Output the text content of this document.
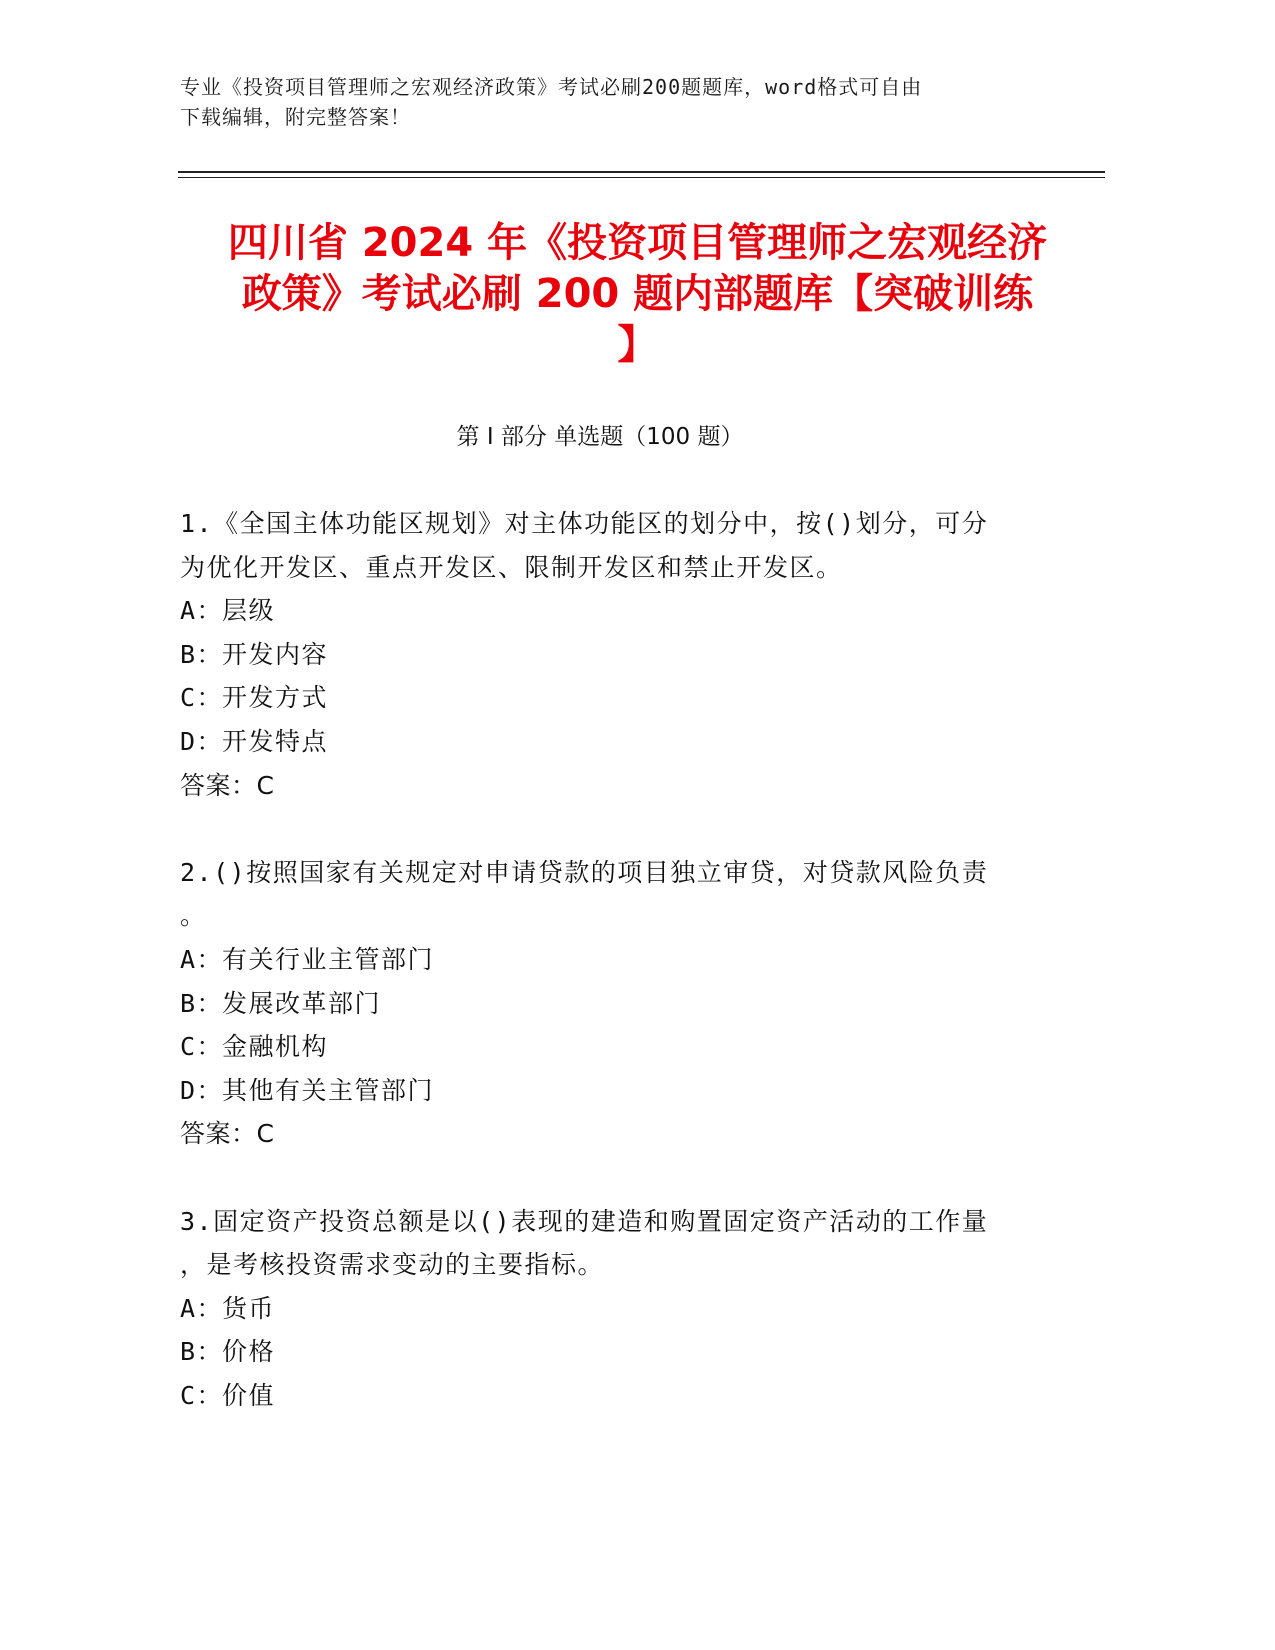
专业《投资项目管理师之宏观经济政策》考试必刷200题题库，word格式可自由
下载编辑，附完整答案！
四川省 2024 年《投资项目管理师之宏观经济
政策》考试必刷 200 题内部题库【突破训练
】
第 I 部分 单选题（100 题）
1.《全国主体功能区规划》对主体功能区的划分中，按()划分，可分
为优化开发区、重点开发区、限制开发区和禁止开发区。
A：层级
B：开发内容
C：开发方式
D：开发特点
答案：C
2.()按照国家有关规定对申请贷款的项目独立审贷，对贷款风险负责
。
A：有关行业主管部门
B：发展改革部门
C：金融机构
D：其他有关主管部门
答案：C
3.固定资产投资总额是以()表现的建造和购置固定资产活动的工作量
，是考核投资需求变动的主要指标。
A：货币
B：价格
C：价值
